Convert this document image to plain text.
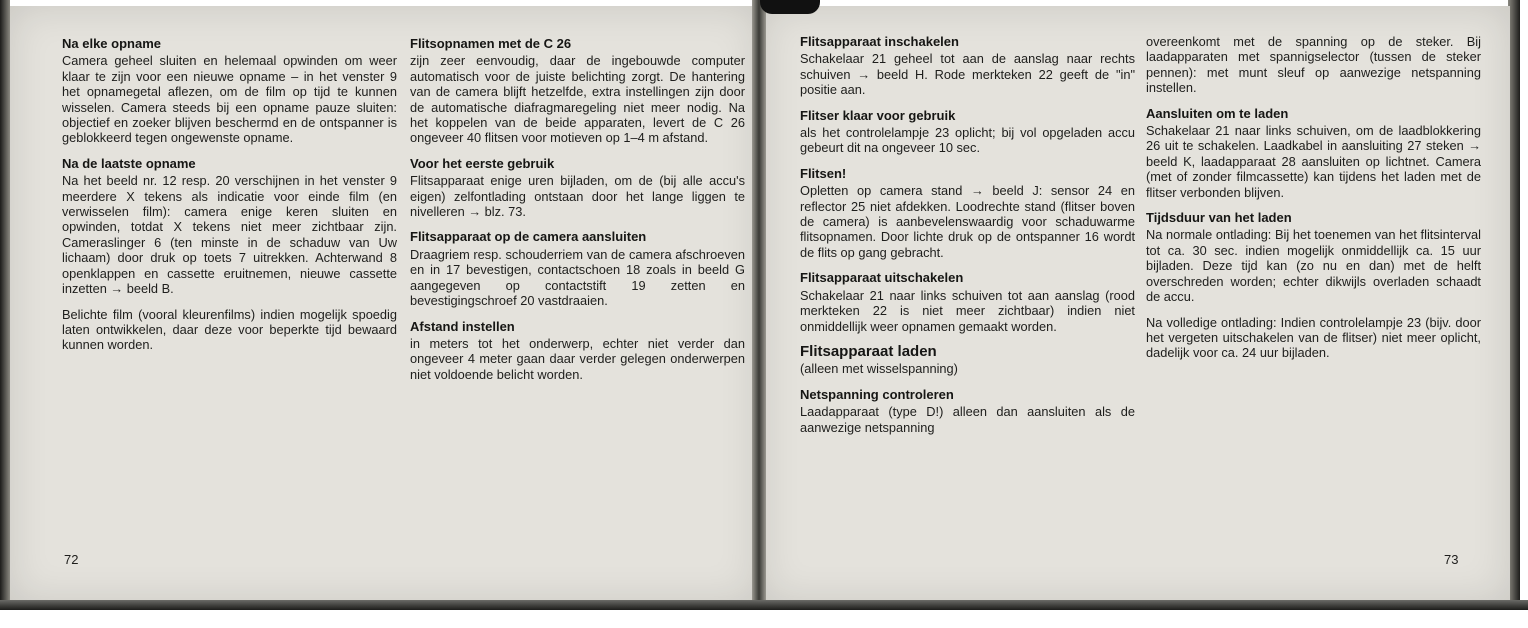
Na elke opname

Camera geheel sluiten en helemaal opwinden om weer klaar te zijn voor een nieuwe opname – in het venster 9 het opnamegetal aflezen, om de film op tijd te kunnen wisselen. Camera steeds bij een opname pauze sluiten: objectief en zoeker blijven beschermd en de ontspanner is geblokkeerd tegen ongewenste opname.

Na de laatste opname

Na het beeld nr. 12 resp. 20 verschijnen in het venster 9 meerdere X tekens als indicatie voor einde film (en verwisselen film): camera enige keren sluiten en opwinden, totdat X tekens niet meer zichtbaar zijn. Cameraslinger 6 (ten minste in de schaduw van Uw lichaam) door druk op toets 7 uitrekken. Achterwand 8 openklappen en cassette eruitnemen, nieuwe cassette inzetten → beeld B.

Belichte film (vooral kleurenfilms) indien mogelijk spoedig laten ontwikkelen, daar deze voor beperkte tijd bewaard kunnen worden.

Flitsopnamen met de C 26

zijn zeer eenvoudig, daar de ingebouwde computer automatisch voor de juiste belichting zorgt. De hantering van de camera blijft hetzelfde, extra instellingen zijn door de automatische diafragmaregeling niet meer nodig. Na het koppelen van de beide apparaten, levert de C 26 ongeveer 40 flitsen voor motieven op 1–4 m afstand.

Voor het eerste gebruik

Flitsapparaat enige uren bijladen, om de (bij alle accu's eigen) zelfontlading ontstaan door het lange liggen te nivelleren → blz. 73.

Flitsapparaat op de camera aansluiten

Draagriem resp. schouderriem van de camera afschroeven en in 17 bevestigen, contactschoen 18 zoals in beeld G aangegeven op contactstift 19 zetten en bevestigingschroef 20 vastdraaien.

Afstand instellen

in meters tot het onderwerp, echter niet verder dan ongeveer 4 meter gaan daar verder gelegen onderwerpen niet voldoende belicht worden.

Flitsapparaat inschakelen

Schakelaar 21 geheel tot aan de aanslag naar rechts schuiven → beeld H. Rode merkteken 22 geeft de "in" positie aan.

Flitser klaar voor gebruik

als het controlelampje 23 oplicht; bij vol opgeladen accu gebeurt dit na ongeveer 10 sec.

Flitsen!

Opletten op camera stand → beeld J: sensor 24 en reflector 25 niet afdekken. Loodrechte stand (flitser boven de camera) is aanbevelenswaardig voor schaduwarme flitsopnamen. Door lichte druk op de ontspanner 16 wordt de flits op gang gebracht.

Flitsapparaat uitschakelen

Schakelaar 21 naar links schuiven tot aan aanslag (rood merkteken 22 is niet meer zichtbaar) indien niet onmiddellijk weer opnamen gemaakt worden.

Flitsapparaat laden

(alleen met wisselspanning)

Netspanning controleren

Laadapparaat (type D!) alleen dan aansluiten als de aanwezige netspanning

overeenkomt met de spanning op de steker. Bij laadapparaten met spannigselector (tussen de steker pennen): met munt sleuf op aanwezige netspanning instellen.

Aansluiten om te laden

Schakelaar 21 naar links schuiven, om de laadblokkering 26 uit te schakelen. Laadkabel in aansluiting 27 steken → beeld K, laadapparaat 28 aansluiten op lichtnet. Camera (met of zonder filmcassette) kan tijdens het laden met de flitser verbonden blijven.

Tijdsduur van het laden

Na normale ontlading: Bij het toenemen van het flitsinterval tot ca. 30 sec. indien mogelijk onmiddellijk ca. 15 uur bijladen. Deze tijd kan (zo nu en dan) met de helft overschreden worden; echter dikwijls overladen schaadt de accu.

Na volledige ontlading: Indien controlelampje 23 (bijv. door het vergeten uitschakelen van de flitser) niet meer oplicht, dadelijk voor ca. 24 uur bijladen.

72	73
